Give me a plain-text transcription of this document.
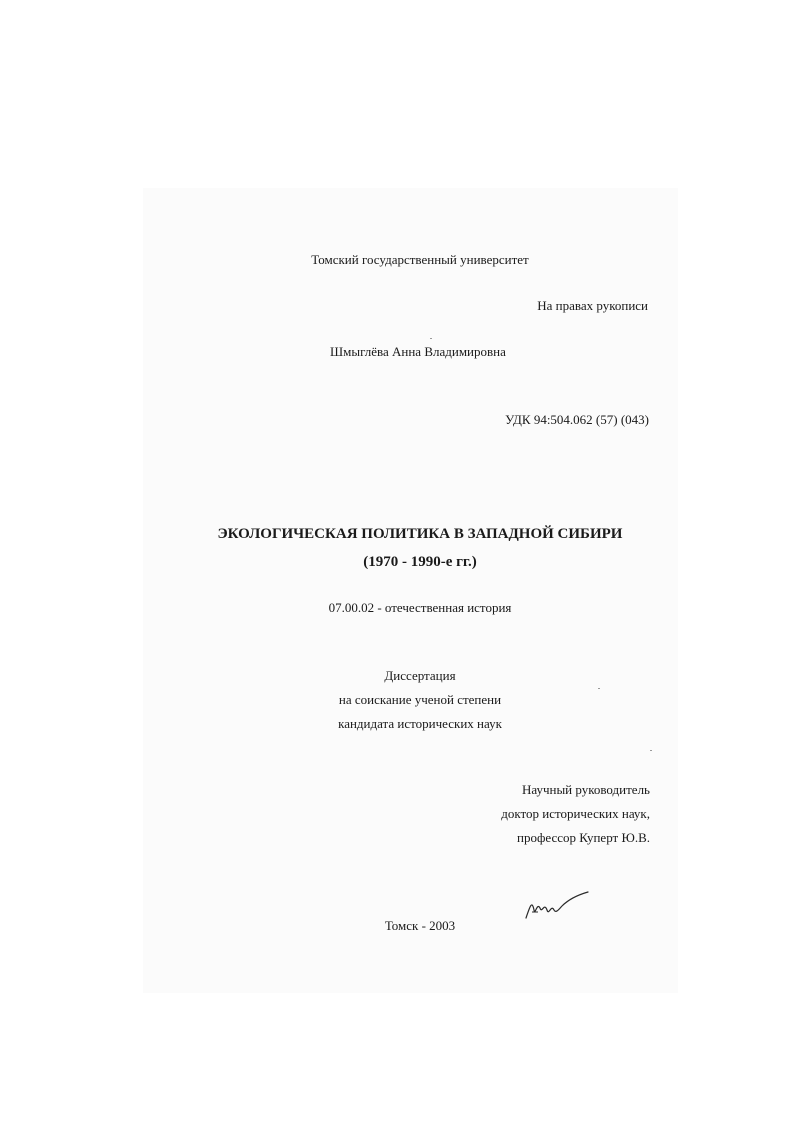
Томский государственный университет
На правах рукописи
Шмыглёва Анна Владимировна
УДК 94:504.062 (57) (043)
ЭКОЛОГИЧЕСКАЯ ПОЛИТИКА В ЗАПАДНОЙ СИБИРИ
(1970 - 1990-е гг.)
07.00.02 - отечественная история
Диссертация
на соискание ученой степени
кандидата исторических наук
Научный руководитель
доктор исторических наук,
профессор Куперт Ю.В.
Томск - 2003
